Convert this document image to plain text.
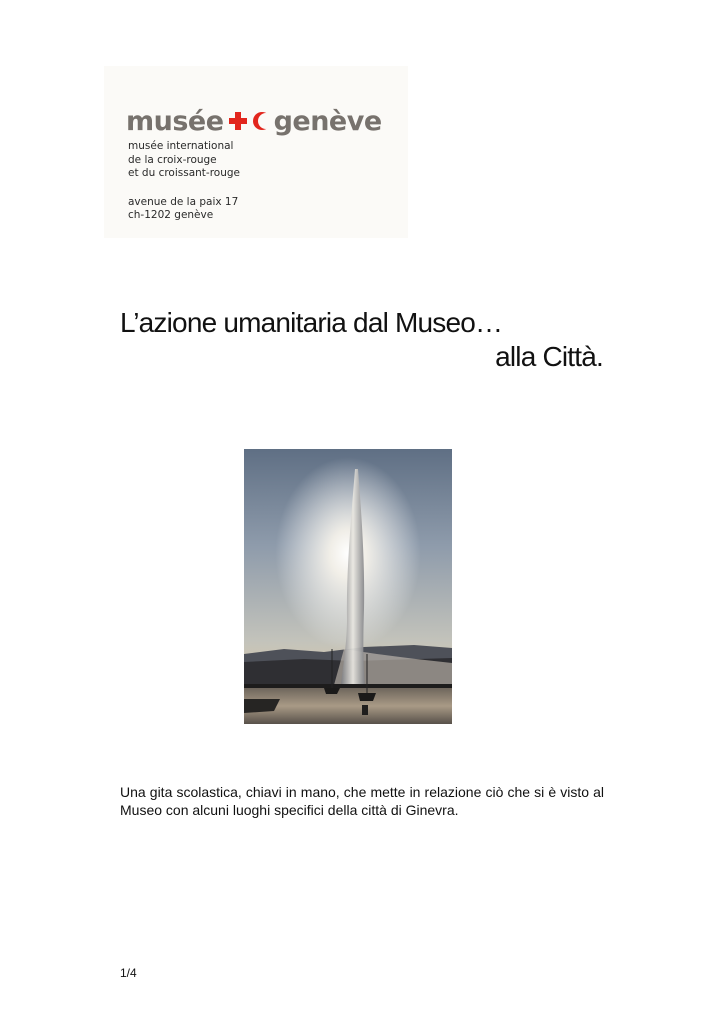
musée genève
musée international
de la croix-rouge
et du croissant-rouge
avenue de la paix 17
ch-1202 genève
L’azione umanitaria dal Museo…
alla Città.
Una gita scolastica, chiavi in mano, che mette in relazione ciò che si è visto al Museo con alcuni luoghi specifici della città di Ginevra.
1/4
